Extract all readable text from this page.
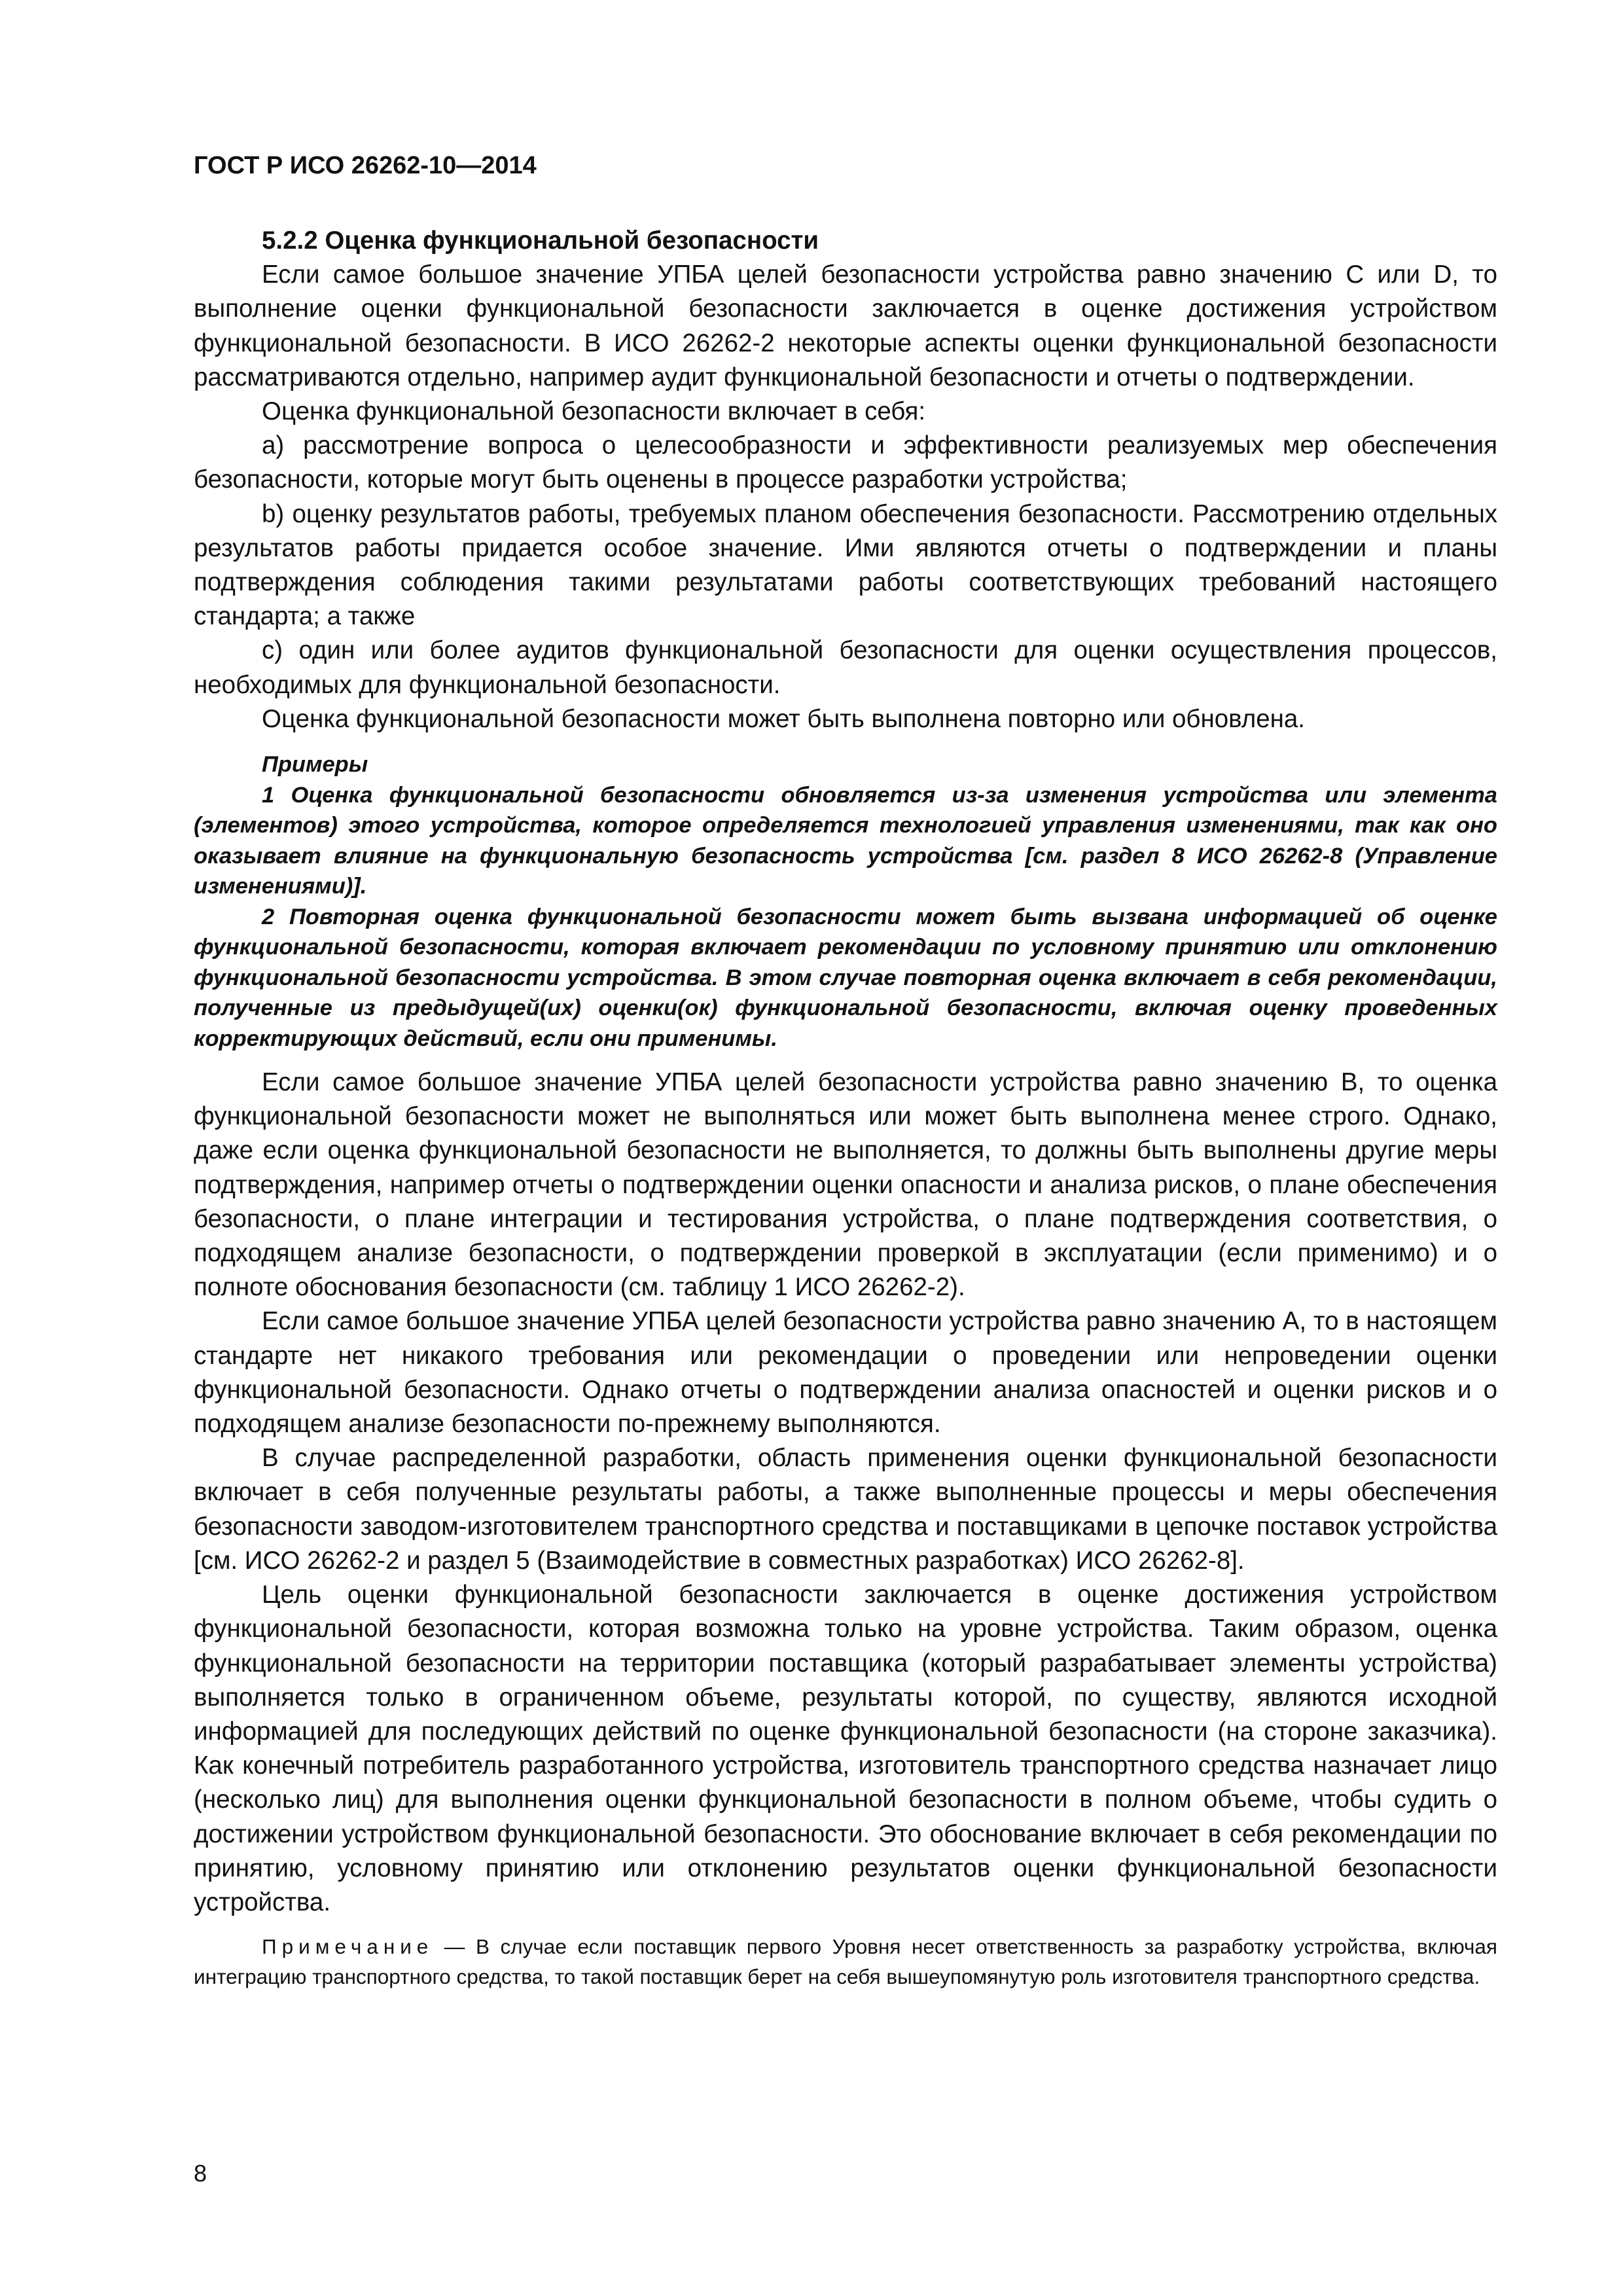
ГОСТ Р ИСО 26262-10—2014

5.2.2 Оценка функциональной безопасности

Если самое большое значение УПБА целей безопасности устройства равно значению C или D, то выполнение оценки функциональной безопасности заключается в оценке достижения устройством функциональной безопасности. В ИСО 26262-2 некоторые аспекты оценки функциональной безопасности рассматриваются отдельно, например аудит функциональной безопасности и отчеты о подтверждении.

Оценка функциональной безопасности включает в себя:

a) рассмотрение вопроса о целесообразности и эффективности реализуемых мер обеспечения безопасности, которые могут быть оценены в процессе разработки устройства;

b) оценку результатов работы, требуемых планом обеспечения безопасности. Рассмотрению отдельных результатов работы придается особое значение. Ими являются отчеты о подтверждении и планы подтверждения соблюдения такими результатами работы соответствующих требований настоящего стандарта; а также

c) один или более аудитов функциональной безопасности для оценки осуществления процессов, необходимых для функциональной безопасности.

Оценка функциональной безопасности может быть выполнена повторно или обновлена.

Примеры

1 Оценка функциональной безопасности обновляется из-за изменения устройства или элемента (элементов) этого устройства, которое определяется технологией управления изменениями, так как оно оказывает влияние на функциональную безопасность устройства [см. раздел 8 ИСО 26262-8 (Управление изменениями)].

2 Повторная оценка функциональной безопасности может быть вызвана информацией об оценке функциональной безопасности, которая включает рекомендации по условному принятию или отклонению функциональной безопасности устройства. В этом случае повторная оценка включает в себя рекомендации, полученные из предыдущей(их) оценки(ок) функциональной безопасности, включая оценку проведенных корректирующих действий, если они применимы.

Если самое большое значение УПБА целей безопасности устройства равно значению B, то оценка функциональной безопасности может не выполняться или может быть выполнена менее строго. Однако, даже если оценка функциональной безопасности не выполняется, то должны быть выполнены другие меры подтверждения, например отчеты о подтверждении оценки опасности и анализа рисков, о плане обеспечения безопасности, о плане интеграции и тестирования устройства, о плане подтверждения соответствия, о подходящем анализе безопасности, о подтверждении проверкой в эксплуатации (если применимо) и о полноте обоснования безопасности (см. таблицу 1 ИСО 26262-2).

Если самое большое значение УПБА целей безопасности устройства равно значению A, то в настоящем стандарте нет никакого требования или рекомендации о проведении или непроведении оценки функциональной безопасности. Однако отчеты о подтверждении анализа опасностей и оценки рисков и о подходящем анализе безопасности по-прежнему выполняются.

В случае распределенной разработки, область применения оценки функциональной безопасности включает в себя полученные результаты работы, а также выполненные процессы и меры обеспечения безопасности заводом-изготовителем транспортного средства и поставщиками в цепочке поставок устройства [см. ИСО 26262-2 и раздел 5 (Взаимодействие в совместных разработках) ИСО 26262-8].

Цель оценки функциональной безопасности заключается в оценке достижения устройством функциональной безопасности, которая возможна только на уровне устройства. Таким образом, оценка функциональной безопасности на территории поставщика (который разрабатывает элементы устройства) выполняется только в ограниченном объеме, результаты которой, по существу, являются исходной информацией для последующих действий по оценке функциональной безопасности (на стороне заказчика). Как конечный потребитель разработанного устройства, изготовитель транспортного средства назначает лицо (несколько лиц) для выполнения оценки функциональной безопасности в полном объеме, чтобы судить о достижении устройством функциональной безопасности. Это обоснование включает в себя рекомендации по принятию, условному принятию или отклонению результатов оценки функциональной безопасности устройства.

Примечание — В случае если поставщик первого Уровня несет ответственность за разработку устройства, включая интеграцию транспортного средства, то такой поставщик берет на себя вышеупомянутую роль изготовителя транспортного средства.

8
